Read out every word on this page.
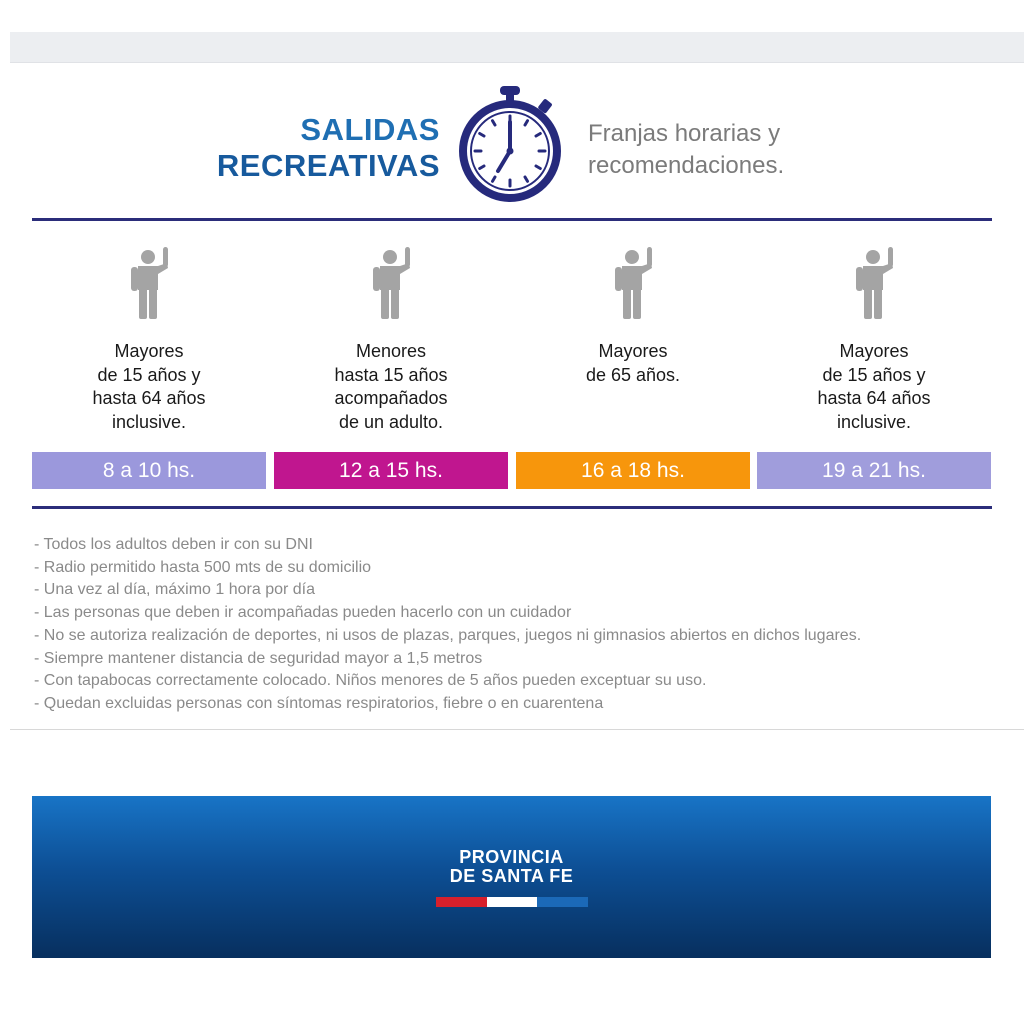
SALIDAS
RECREATIVAS
Franjas horarias y recomendaciones.
Mayores
de 15 años y
hasta 64 años
inclusive.
8 a 10 hs.
Menores
hasta 15 años
acompañados
de un adulto.
12 a 15 hs.
Mayores
de 65 años.
16 a 18 hs.
Mayores
de 15 años y
hasta 64 años
inclusive.
19 a 21 hs.
- Todos los adultos deben ir con su DNI
- Radio permitido hasta 500 mts de su domicilio
- Una vez al día, máximo 1 hora por día
- Las personas que deben ir acompañadas pueden hacerlo con un cuidador
- No se autoriza realización de deportes, ni usos de plazas, parques, juegos ni gimnasios abiertos en dichos lugares.
- Siempre mantener distancia de seguridad mayor a 1,5 metros
- Con tapabocas correctamente colocado. Niños menores de 5 años pueden exceptuar su uso.
- Quedan excluidas personas con síntomas respiratorios, fiebre o en cuarentena
PROVINCIA
DE SANTA FE
